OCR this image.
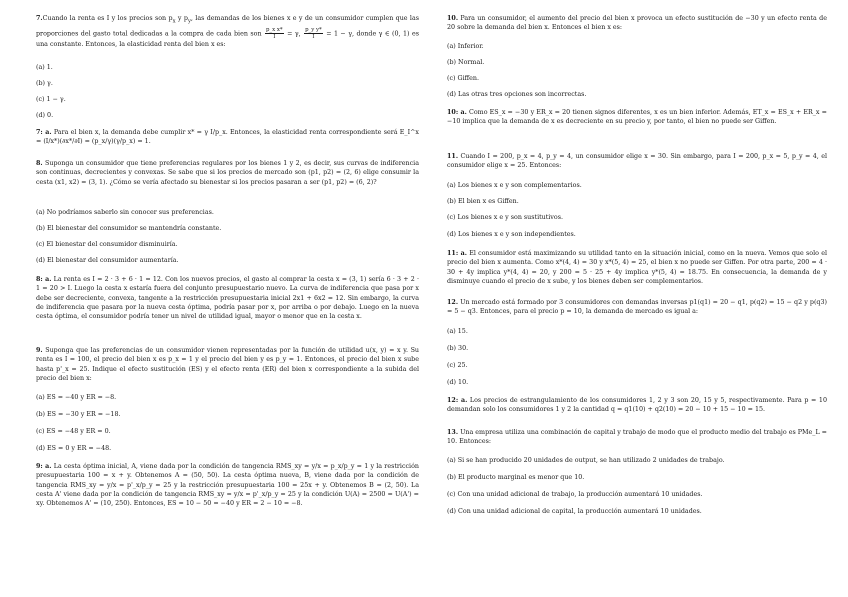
7.Cuando la renta es I y los precios son $p_x$ y $p_y$, las demandas de los bienes x e y de un consumidor cumplen que las proporciones del gasto total dedicadas a la compra de cada bien son $\frac{\text{p\_x x*}}{I} = \gamma$, $\frac{\text{p\_y y*}}{I} = 1 - \gamma$, donde γ ∈ (0, 1) es una constante. Entonces, la elasticidad renta del bien x es:
(a) 1.
(b) γ.
(c) 1 − γ.
(d) 0.
7: a. Para el bien x, la demanda debe cumplir x* = γ I/p_x. Entonces, la elasticidad renta correspondiente será E_I^x = (I/x*)(∂x*/∂I) = (p_x/γ)(γ/p_x) = 1.
8. Suponga un consumidor que tiene preferencias regulares por los bienes 1 y 2, es decir, sus curvas de indiferencia son continuas, decrecientes y convexas. Se sabe que si los precios de mercado son (p1, p2) = (2, 6) elige consumir la cesta (x1, x2) = (3, 1). ¿Cómo se vería afectado su bienestar si los precios pasaran a ser (p1, p2) = (6, 2)?
(a) No podríamos saberlo sin conocer sus preferencias.
(b) El bienestar del consumidor se mantendría constante.
(c) El bienestar del consumidor disminuiría.
(d) El bienestar del consumidor aumentaría.
8: a. La renta es I = 2 · 3 + 6 · 1 = 12. Con los nuevos precios, el gasto al comprar la cesta x = (3, 1) sería 6 · 3 + 2 · 1 = 20 > I. Luego la cesta x estaría fuera del conjunto presupuestario nuevo. La curva de indiferencia que pasa por x debe ser decreciente, convexa, tangente a la restricción presupuestaria inicial 2x1 + 6x2 = 12. Sin embargo, la curva de indiferencia que pasara por la nueva cesta óptima, podría pasar por x, por arriba o por debajo. Luego en la nueva cesta óptima, el consumidor podría tener un nivel de utilidad igual, mayor o menor que en la cesta x.
9. Suponga que las preferencias de un consumidor vienen representadas por la función de utilidad u(x, y) = x y. Su renta es I = 100, el precio del bien x es p_x = 1 y el precio del bien y es p_y = 1. Entonces, el precio del bien x sube hasta p'_x = 25. Indique el efecto sustitución (ES) y el efecto renta (ER) del bien x correspondiente a la subida del precio del bien x:
(a) ES = −40 y ER = −8.
(b) ES = −30 y ER = −18.
(c) ES = −48 y ER = 0.
(d) ES = 0 y ER = −48.
9: a. La cesta óptima inicial, A, viene dada por la condición de tangencia RMS_xy = y/x = p_x/p_y = 1 y la restricción presupuestaria 100 = x + y. Obtenemos A = (50, 50). La cesta óptima nueva, B, viene dada por la condición de tangencia RMS_xy = y/x = p'_x/p_y = 25 y la restricción presupuestaria 100 = 25x + y. Obtenemos B = (2, 50). La cesta A' viene dada por la condición de tangencia RMS_xy = y/x = p'_x/p_y = 25 y la condición U(A) = 2500 = U(A') = xy. Obtenemos A' = (10, 250). Entonces, ES = 10 − 50 = −40 y ER = 2 − 10 = −8.
10. Para un consumidor, el aumento del precio del bien x provoca un efecto sustitución de −30 y un efecto renta de 20 sobre la demanda del bien x. Entonces el bien x es:
(a) Inferior.
(b) Normal.
(c) Giffen.
(d) Las otras tres opciones son incorrectas.
10: a. Como ES_x = −30 y ER_x = 20 tienen signos diferentes, x es un bien inferior. Además, ET_x = ES_x + ER_x = −10 implica que la demanda de x es decreciente en su precio y, por tanto, el bien no puede ser Giffen.
11. Cuando I = 200, p_x = 4, p_y = 4, un consumidor elige x = 30. Sin embargo, para I = 200, p_x = 5, p_y = 4, el consumidor elige x = 25. Entonces:
(a) Los bienes x e y son complementarios.
(b) El bien x es Giffen.
(c) Los bienes x e y son sustitutivos.
(d) Los bienes x e y son independientes.
11: a. El consumidor está maximizando su utilidad tanto en la situación inicial, como en la nueva. Vemos que solo el precio del bien x aumenta. Como x*(4, 4) = 30 y x*(5, 4) = 25, el bien x no puede ser Giffen. Por otra parte, 200 = 4 · 30 + 4y implica y*(4, 4) = 20, y 200 = 5 · 25 + 4y implica y*(5, 4) = 18.75. En consecuencia, la demanda de y disminuye cuando el precio de x sube, y los bienes deben ser complementarios.
12. Un mercado está formado por 3 consumidores con demandas inversas p1(q1) = 20 − q1, p(q2) = 15 − q2 y p(q3) = 5 − q3. Entonces, para el precio p = 10, la demanda de mercado es igual a:
(a) 15.
(b) 30.
(c) 25.
(d) 10.
12: a. Los precios de estrangulamiento de los consumidores 1, 2 y 3 son 20, 15 y 5, respectivamente. Para p = 10 demandan solo los consumidores 1 y 2 la cantidad q = q1(10) + q2(10) = 20 − 10 + 15 − 10 = 15.
13. Una empresa utiliza una combinación de capital y trabajo de modo que el producto medio del trabajo es PMe_L = 10. Entonces:
(a) Si se han producido 20 unidades de output, se han utilizado 2 unidades de trabajo.
(b) El producto marginal es menor que 10.
(c) Con una unidad adicional de trabajo, la producción aumentará 10 unidades.
(d) Con una unidad adicional de capital, la producción aumentará 10 unidades.
